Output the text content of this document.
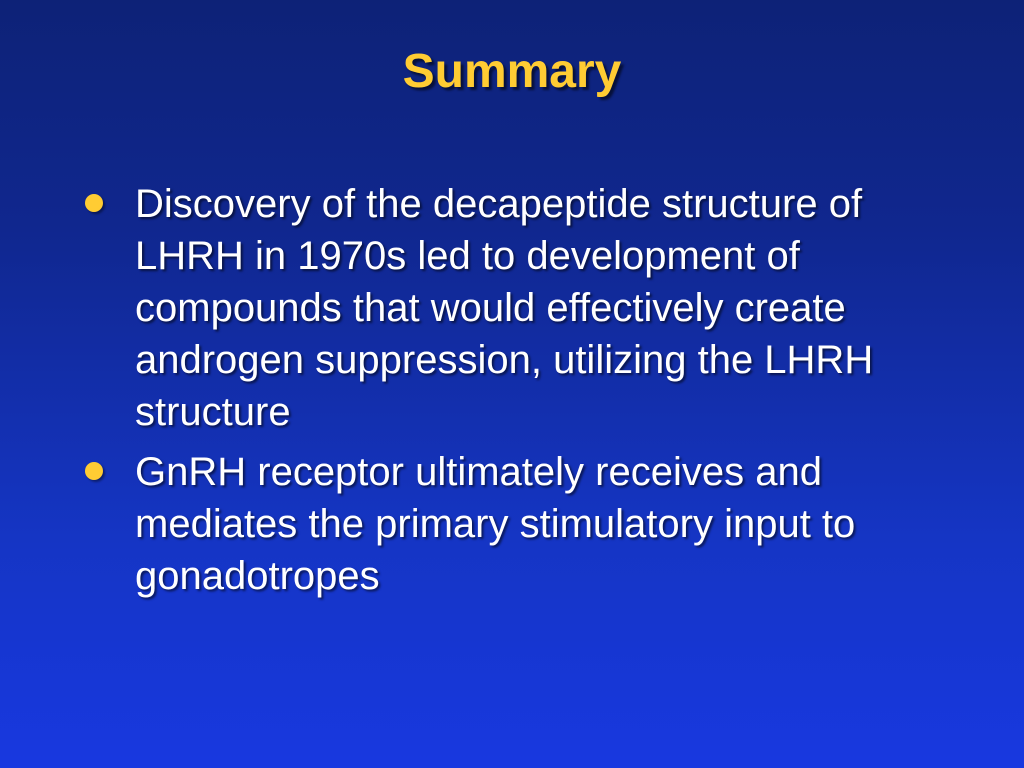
Summary
Discovery of the decapeptide structure of LHRH in 1970s led to development of compounds that would effectively create androgen suppression, utilizing the LHRH structure
GnRH receptor ultimately receives and mediates the primary stimulatory input to gonadotropes
